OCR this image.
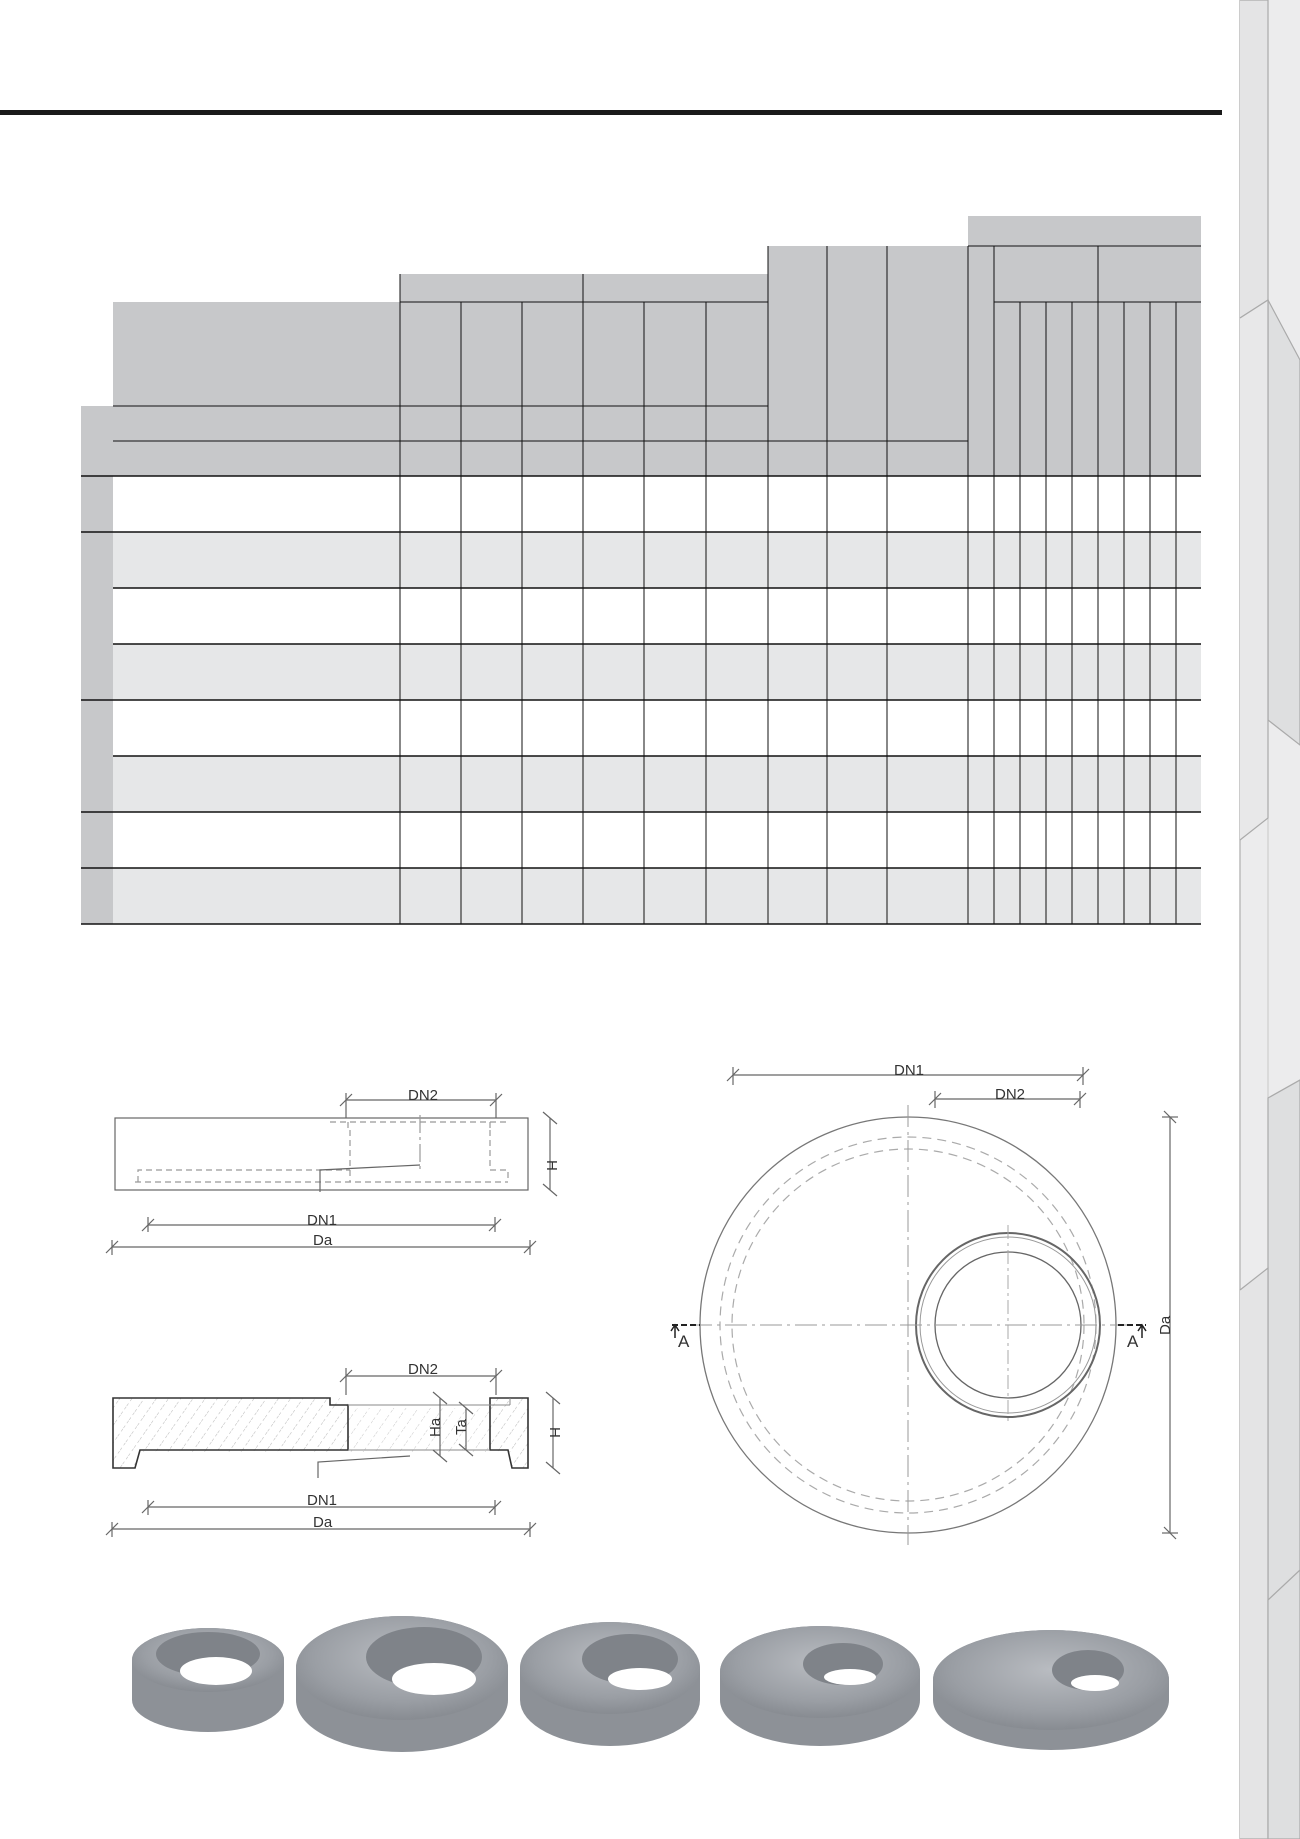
DN2
H
DN1
Da
DN2
Ha Ta	H
DN1
Da
DN1
DN2
Da
A	A
